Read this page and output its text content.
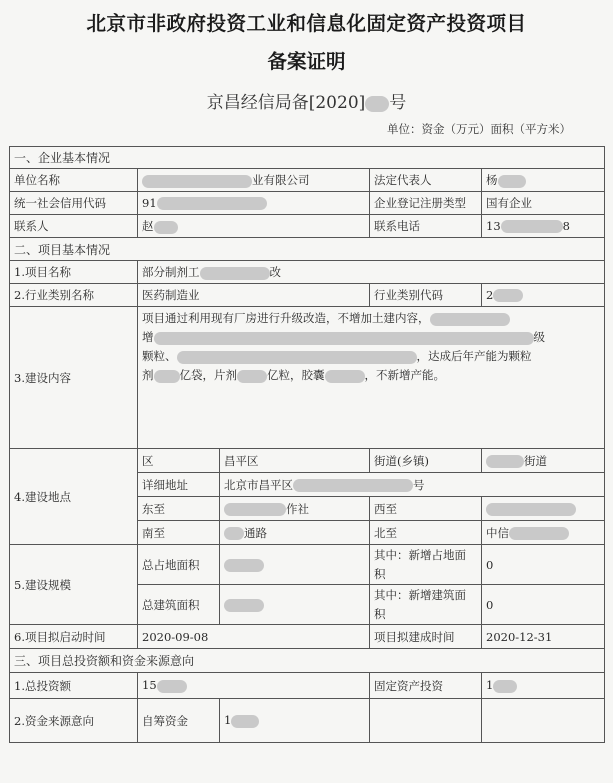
北京市非政府投资工业和信息化固定资产投资项目
备案证明
京昌经信局备[2020] 号
单位：资金（万元）面积（平方米）
一、企业基本情况				
单位名称	业有限公司		法定代表人	杨
统一社会信用代码	91		企业登记注册类型	国有企业
联系人	赵		联系电话	13 8
二、项目基本情况				
1.项目名称	部分制剂工 改			
2.行业类别名称	医药制造业		行业类别代码	2
3.建设内容	项目通过利用现有厂房进行升级改造，不增加土建内容，
增 级
颗粒、 ，达成后年产能为颗粒
剂 亿袋，片剂 亿粒，胶囊 ，不新增产能。			

4.建设地点	区	昌平区	街道(乡镇)	街道
	详细地址	北京市昌平区 号		
	东至	作社	西至	
	南至	通路	北至	中信
5.建设规模	总占地面积		其中：新增占地面积	0
	总建筑面积		其中：新增建筑面积	0
6.项目拟启动时间	2020-09-08		项目拟建成时间	2020-12-31
三、项目总投资额和资金来源意向				
1.总投资额	15		固定资产投资	1
2.资金来源意向	自筹资金	1		
